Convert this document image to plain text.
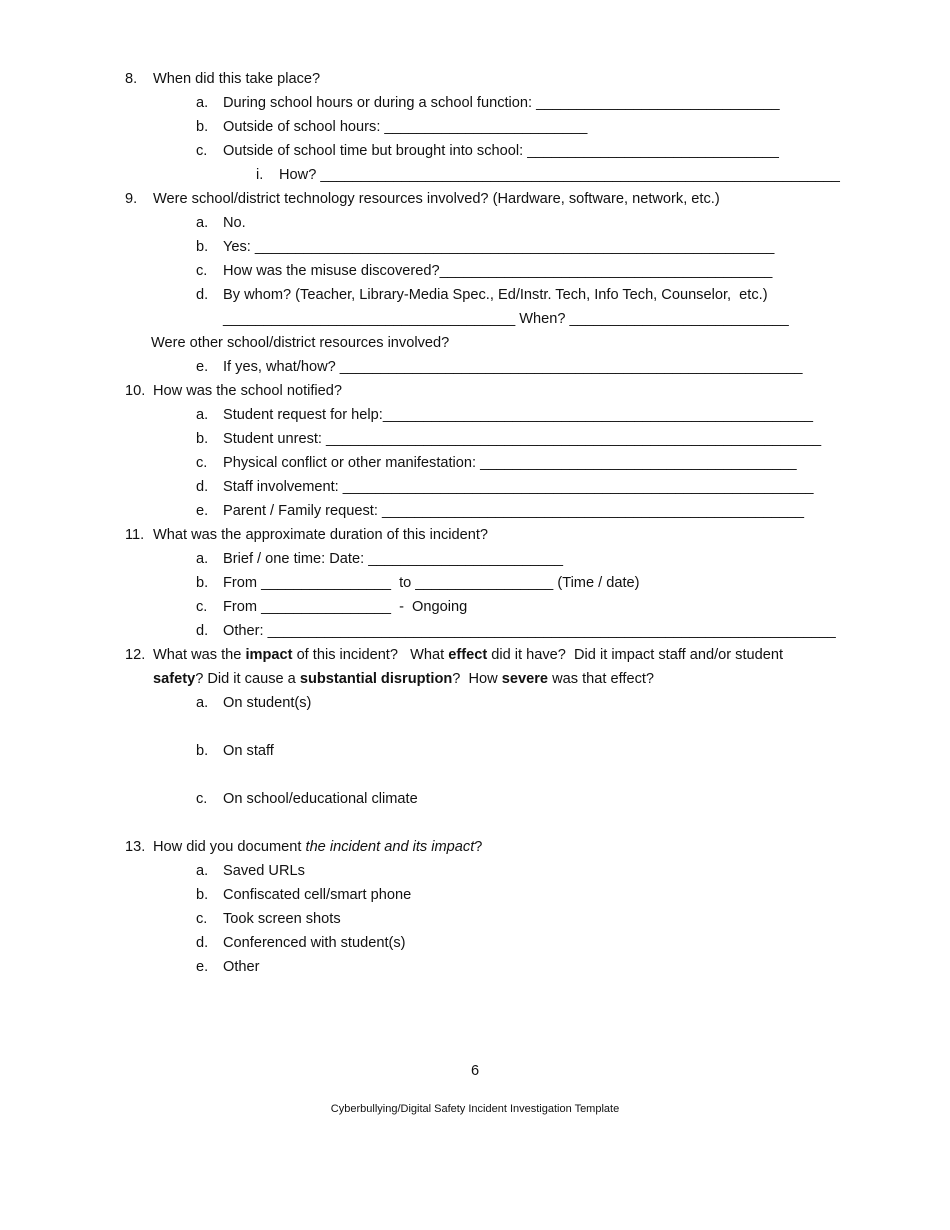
8. When did this take place?
a. During school hours or during a school function: ______________________________
b. Outside of school hours: _________________________
c. Outside of school time but brought into school: _______________________________
i. How? ________________________________________________________________
9. Were school/district technology resources involved? (Hardware, software, network, etc.)
a. No.
b. Yes: ________________________________________________________________
c. How was the misuse discovered?_________________________________________
d. By whom? (Teacher, Library-Media Spec., Ed/Instr. Tech, Info Tech, Counselor,  etc.)
____________________________________ When? ___________________________
Were other school/district resources involved?
e. If yes, what/how? _________________________________________________________
10. How was the school notified?
a. Student request for help:_____________________________________________________
b. Student unrest: _____________________________________________________________
c. Physical conflict or other manifestation: _______________________________________
d. Staff involvement: __________________________________________________________
e. Parent / Family request: ____________________________________________________
11. What was the approximate duration of this incident?
a. Brief / one time: Date: ________________________
b. From ________________  to _________________ (Time / date)
c. From ________________  -  Ongoing
d. Other: ______________________________________________________________________
12. What was the impact of this incident?   What effect did it have?  Did it impact staff and/or student
safety? Did it cause a substantial disruption?  How severe was that effect?
a. On student(s)
b. On staff
c. On school/educational climate
13. How did you document the incident and its impact?
a. Saved URLs
b. Confiscated cell/smart phone
c. Took screen shots
d. Conferenced with student(s)
e. Other
6
Cyberbullying/Digital Safety Incident Investigation Template
